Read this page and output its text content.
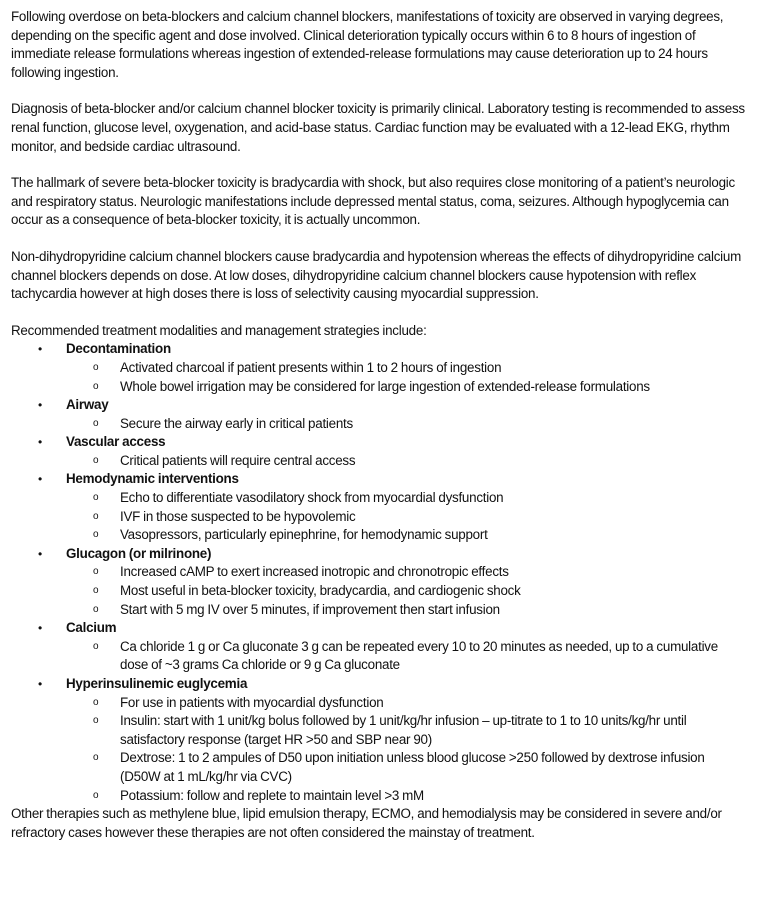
Following overdose on beta-blockers and calcium channel blockers, manifestations of toxicity are observed in varying degrees, depending on the specific agent and dose involved. Clinical deterioration typically occurs within 6 to 8 hours of ingestion of immediate release formulations whereas ingestion of extended-release formulations may cause deterioration up to 24 hours following ingestion.

Diagnosis of beta-blocker and/or calcium channel blocker toxicity is primarily clinical. Laboratory testing is recommended to assess renal function, glucose level, oxygenation, and acid-base status. Cardiac function may be evaluated with a 12-lead EKG, rhythm monitor, and bedside cardiac ultrasound.

The hallmark of severe beta-blocker toxicity is bradycardia with shock, but also requires close monitoring of a patient’s neurologic and respiratory status. Neurologic manifestations include depressed mental status, coma, seizures. Although hypoglycemia can occur as a consequence of beta-blocker toxicity, it is actually uncommon.

Non-dihydropyridine calcium channel blockers cause bradycardia and hypotension whereas the effects of dihydropyridine calcium channel blockers depends on dose. At low doses, dihydropyridine calcium channel blockers cause hypotension with reflex tachycardia however at high doses there is loss of selectivity causing myocardial suppression.

Recommended treatment modalities and management strategies include:

• Decontamination
o Activated charcoal if patient presents within 1 to 2 hours of ingestion
o Whole bowel irrigation may be considered for large ingestion of extended-release formulations
• Airway
o Secure the airway early in critical patients
• Vascular access
o Critical patients will require central access
• Hemodynamic interventions
o Echo to differentiate vasodilatory shock from myocardial dysfunction
o IVF in those suspected to be hypovolemic
o Vasopressors, particularly epinephrine, for hemodynamic support
• Glucagon (or milrinone)
o Increased cAMP to exert increased inotropic and chronotropic effects
o Most useful in beta-blocker toxicity, bradycardia, and cardiogenic shock
o Start with 5 mg IV over 5 minutes, if improvement then start infusion
• Calcium
o Ca chloride 1 g or Ca gluconate 3 g can be repeated every 10 to 20 minutes as needed, up to a cumulative dose of ~3 grams Ca chloride or 9 g Ca gluconate
• Hyperinsulinemic euglycemia
o For use in patients with myocardial dysfunction
o Insulin: start with 1 unit/kg bolus followed by 1 unit/kg/hr infusion – up-titrate to 1 to 10 units/kg/hr until satisfactory response (target HR >50 and SBP near 90)
o Dextrose: 1 to 2 ampules of D50 upon initiation unless blood glucose >250 followed by dextrose infusion (D50W at 1 mL/kg/hr via CVC)
o Potassium: follow and replete to maintain level >3 mM

Other therapies such as methylene blue, lipid emulsion therapy, ECMO, and hemodialysis may be considered in severe and/or refractory cases however these therapies are not often considered the mainstay of treatment.
